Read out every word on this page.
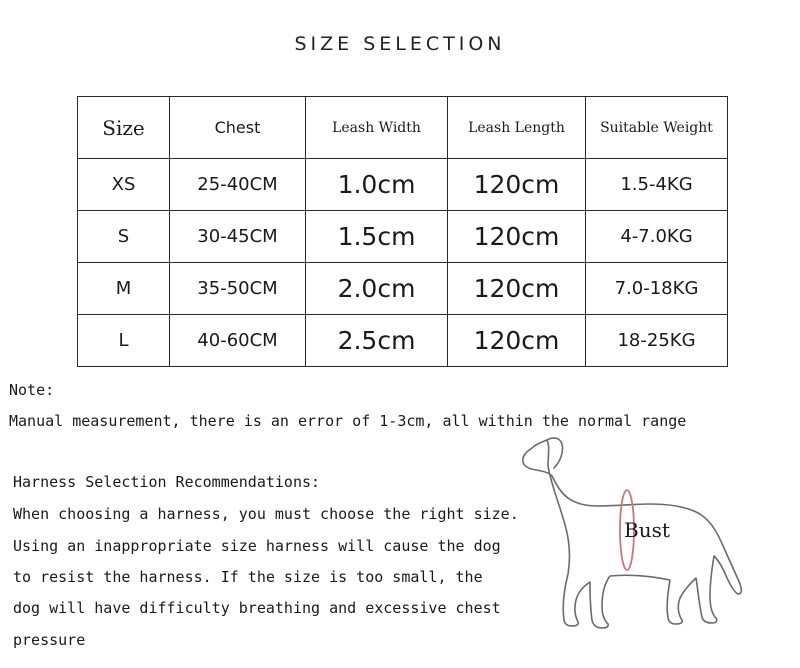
SIZE SELECTION
Size	Chest	Leash Width	Leash Length	Suitable Weight
XS	25-40CM	1.0cm	120cm	1.5-4KG
S	30-45CM	1.5cm	120cm	4-7.0KG
M	35-50CM	2.0cm	120cm	7.0-18KG
L	40-60CM	2.5cm	120cm	18-25KG
Note:
Manual measurement, there is an error of 1-3cm, all within the normal range
Harness Selection Recommendations:
When choosing a harness, you must choose the right size.
Using an inappropriate size harness will cause the dog
to resist the harness. If the size is too small, the
dog will have difficulty breathing and excessive chest
pressure
Bust
